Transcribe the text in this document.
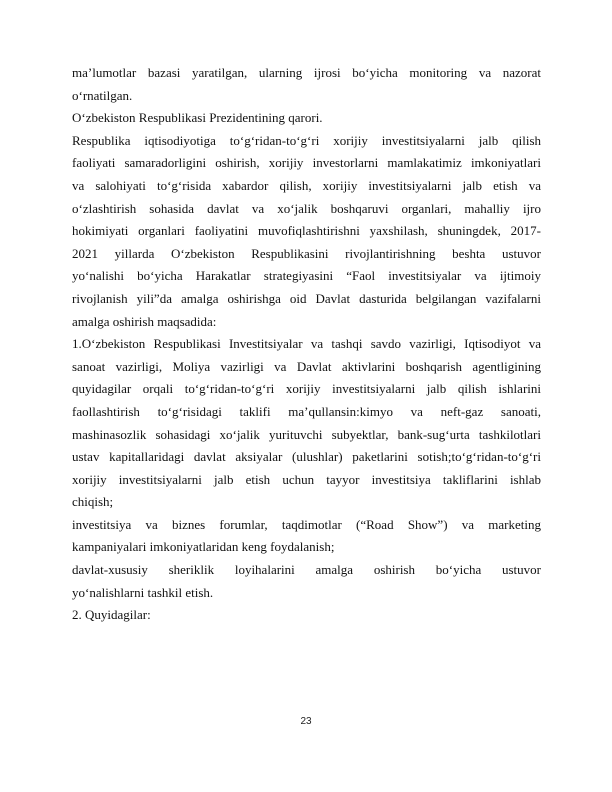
ma’lumotlar bazasi yaratilgan, ularning ijrosi bo‘yicha monitoring va nazorat

o‘rnatilgan.

O‘zbekiston Respublikasi Prezidentining qarori.

Respublika iqtisodiyotiga to‘g‘ridan-to‘g‘ri xorijiy investitsiyalarni jalb qilish

faoliyati samaradorligini oshirish, xorijiy investorlarni mamlakatimiz imkoniyatlari

va salohiyati to‘g‘risida xabardor qilish, xorijiy investitsiyalarni jalb etish va

o‘zlashtirish sohasida davlat va xo‘jalik boshqaruvi organlari, mahalliy ijro

hokimiyati organlari faoliyatini muvofiqlashtirishni yaxshilash, shuningdek, 2017-

2021 yillarda O‘zbekiston Respublikasini rivojlantirishning beshta ustuvor

yo‘nalishi bo‘yicha Harakatlar strategiyasini “Faol investitsiyalar va ijtimoiy

rivojlanish yili”da amalga oshirishga oid Davlat dasturida belgilangan vazifalarni

amalga oshirish maqsadida:

1.O‘zbekiston Respublikasi Investitsiyalar va tashqi savdo vazirligi, Iqtisodiyot va

sanoat vazirligi, Moliya vazirligi va Davlat aktivlarini boshqarish agentligining

quyidagilar orqali to‘g‘ridan-to‘g‘ri xorijiy investitsiyalarni jalb qilish ishlarini

faollashtirish to‘g‘risidagi taklifi ma’qullansin:kimyo va neft-gaz sanoati,

mashinasozlik sohasidagi xo‘jalik yurituvchi subyektlar, bank-sug‘urta tashkilotlari

ustav kapitallaridagi davlat aksiyalar (ulushlar) paketlarini sotish;to‘g‘ridan-to‘g‘ri

xorijiy investitsiyalarni jalb etish uchun tayyor investitsiya takliflarini ishlab

chiqish;

investitsiya va biznes forumlar, taqdimotlar (“Road Show”) va marketing

kampaniyalari imkoniyatlaridan keng foydalanish;

davlat-xususiy sheriklik loyihalarini amalga oshirish bo‘yicha ustuvor

yo‘nalishlarni tashkil etish.

2. Quyidagilar:

23
